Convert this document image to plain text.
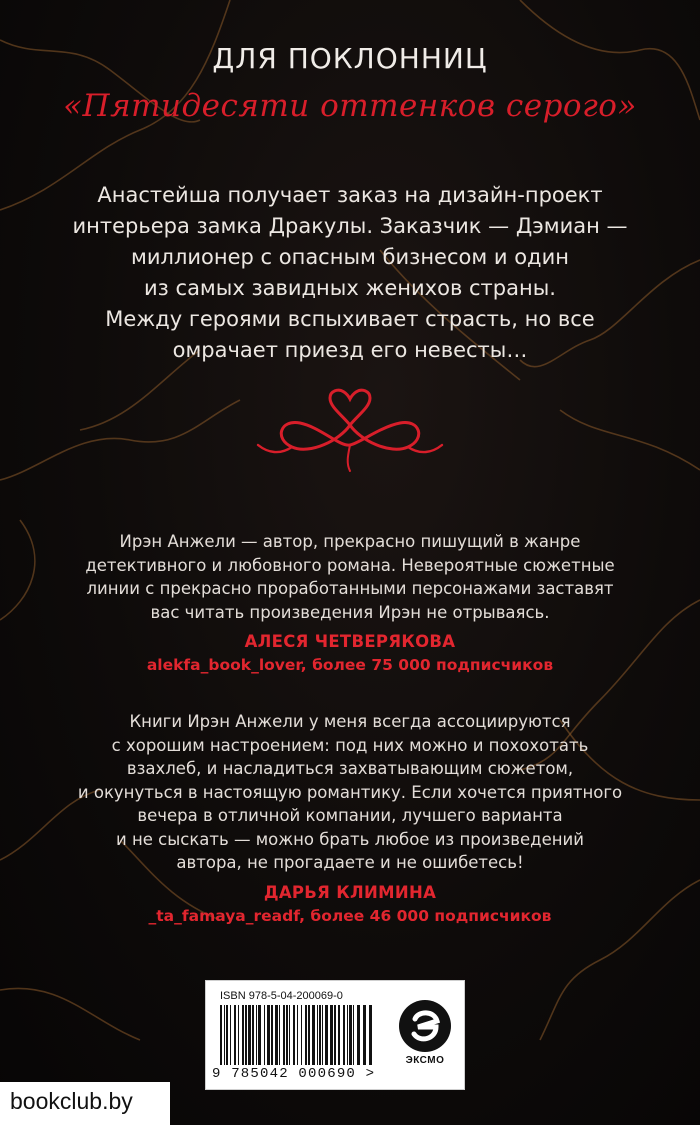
ДЛЯ ПОКЛОННИЦ
«Пятидесяти оттенков серого»
Анастейша получает заказ на дизайн-проект
интерьера замка Дракулы. Заказчик — Дэмиан —
миллионер с опасным бизнесом и один
из самых завидных женихов страны.
Между героями вспыхивает страсть, но все
омрачает приезд его невесты…
Ирэн Анжели — автор, прекрасно пишущий в жанре
детективного и любовного романа. Невероятные сюжетные
линии с прекрасно проработанными персонажами заставят
вас читать произведения Ирэн не отрываясь.
АЛЕСЯ ЧЕТВЕРЯКОВА
alekfa_book_lover, более 75 000 подписчиков
Книги Ирэн Анжели у меня всегда ассоциируются
с хорошим настроением: под них можно и похохотать
взахлеб, и насладиться захватывающим сюжетом,
и окунуться в настоящую романтику. Если хочется приятного
вечера в отличной компании, лучшего варианта
и не сыскать — можно брать любое из произведений
автора, не прогадаете и не ошибетесь!
ДАРЬЯ КЛИМИНА
_ta_famaya_readf, более 46 000 подписчиков
ISBN 978-5-04-200069-0
9 785042 000690 >
ЭКСМО
bookclub.by
